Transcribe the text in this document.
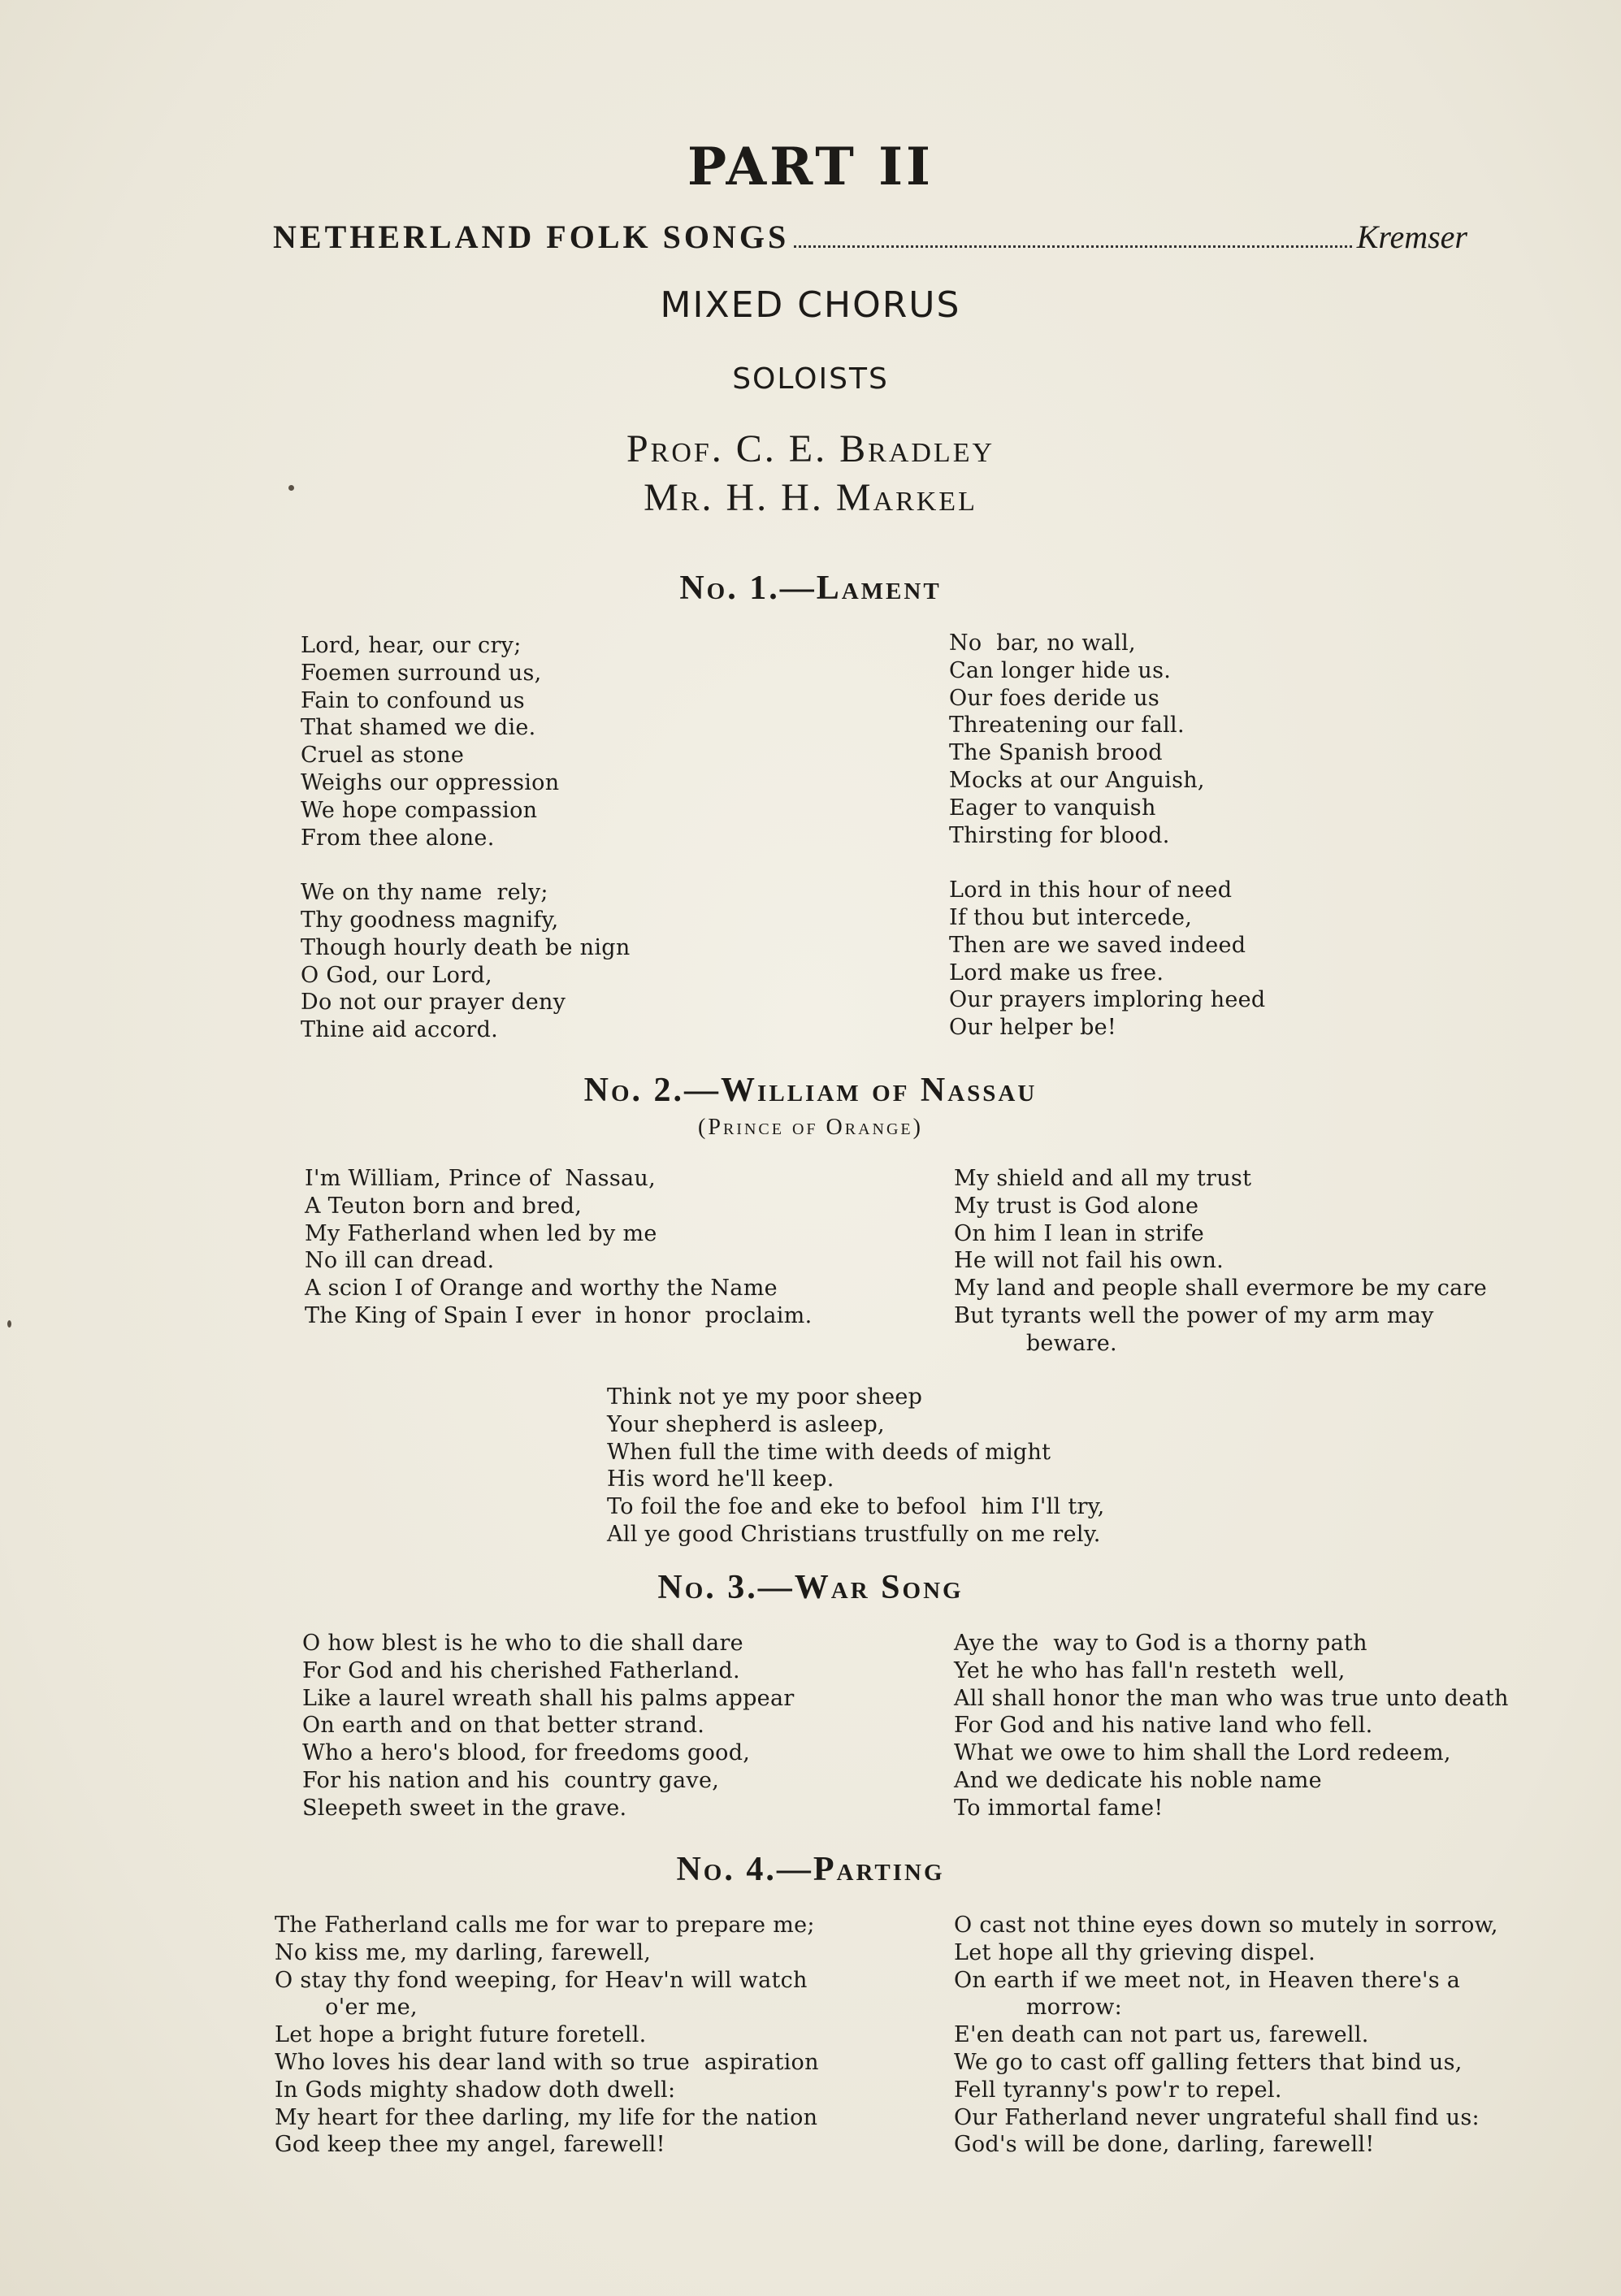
PART II
NETHERLAND FOLK SONGS	Kremser
MIXED CHORUS
SOLOISTS
Prof. C. E. Bradley
Mr. H. H. Markel
No. 1.—Lament
Lord, hear, our cry;
Foemen surround us,
Fain to confound us
That shamed we die.
Cruel as stone
Weighs our oppression
We hope compassion
From thee alone.
We on thy name  rely;
Thy goodness magnify,
Though hourly death be nign
O God, our Lord,
Do not our prayer deny
Thine aid accord.
No  bar, no wall,
Can longer hide us.
Our foes deride us
Threatening our fall.
The Spanish brood
Mocks at our Anguish,
Eager to vanquish
Thirsting for blood.
Lord in this hour of need
If thou but intercede,
Then are we saved indeed
Lord make us free.
Our prayers imploring heed
Our helper be!
No. 2.—William of Nassau
(Prince of Orange)
I'm William, Prince of  Nassau,
A Teuton born and bred,
My Fatherland when led by me
No ill can dread.
A scion I of Orange and worthy the Name
The King of Spain I ever  in honor  proclaim.
My shield and all my trust
My trust is God alone
On him I lean in strife
He will not fail his own.
My land and people shall evermore be my care
But tyrants well the power of my arm may
beware.
Think not ye my poor sheep
Your shepherd is asleep,
When full the time with deeds of might
His word he'll keep.
To foil the foe and eke to befool  him I'll try,
All ye good Christians trustfully on me rely.
No. 3.—War Song
O how blest is he who to die shall dare
For God and his cherished Fatherland.
Like a laurel wreath shall his palms appear
On earth and on that better strand.
Who a hero's blood, for freedoms good,
For his nation and his  country gave,
Sleepeth sweet in the grave.
Aye the  way to God is a thorny path
Yet he who has fall'n resteth  well,
All shall honor the man who was true unto death
For God and his native land who fell.
What we owe to him shall the Lord redeem,
And we dedicate his noble name
To immortal fame!
No. 4.—Parting
The Fatherland calls me for war to prepare me;
No kiss me, my darling, farewell,
O stay thy fond weeping, for Heav'n will watch
o'er me,
Let hope a bright future foretell.
Who loves his dear land with so true  aspiration
In Gods mighty shadow doth dwell:
My heart for thee darling, my life for the nation
God keep thee my angel, farewell!
O cast not thine eyes down so mutely in sorrow,
Let hope all thy grieving dispel.
On earth if we meet not, in Heaven there's a
morrow:
E'en death can not part us, farewell.
We go to cast off galling fetters that bind us,
Fell tyranny's pow'r to repel.
Our Fatherland never ungrateful shall find us:
God's will be done, darling, farewell!
